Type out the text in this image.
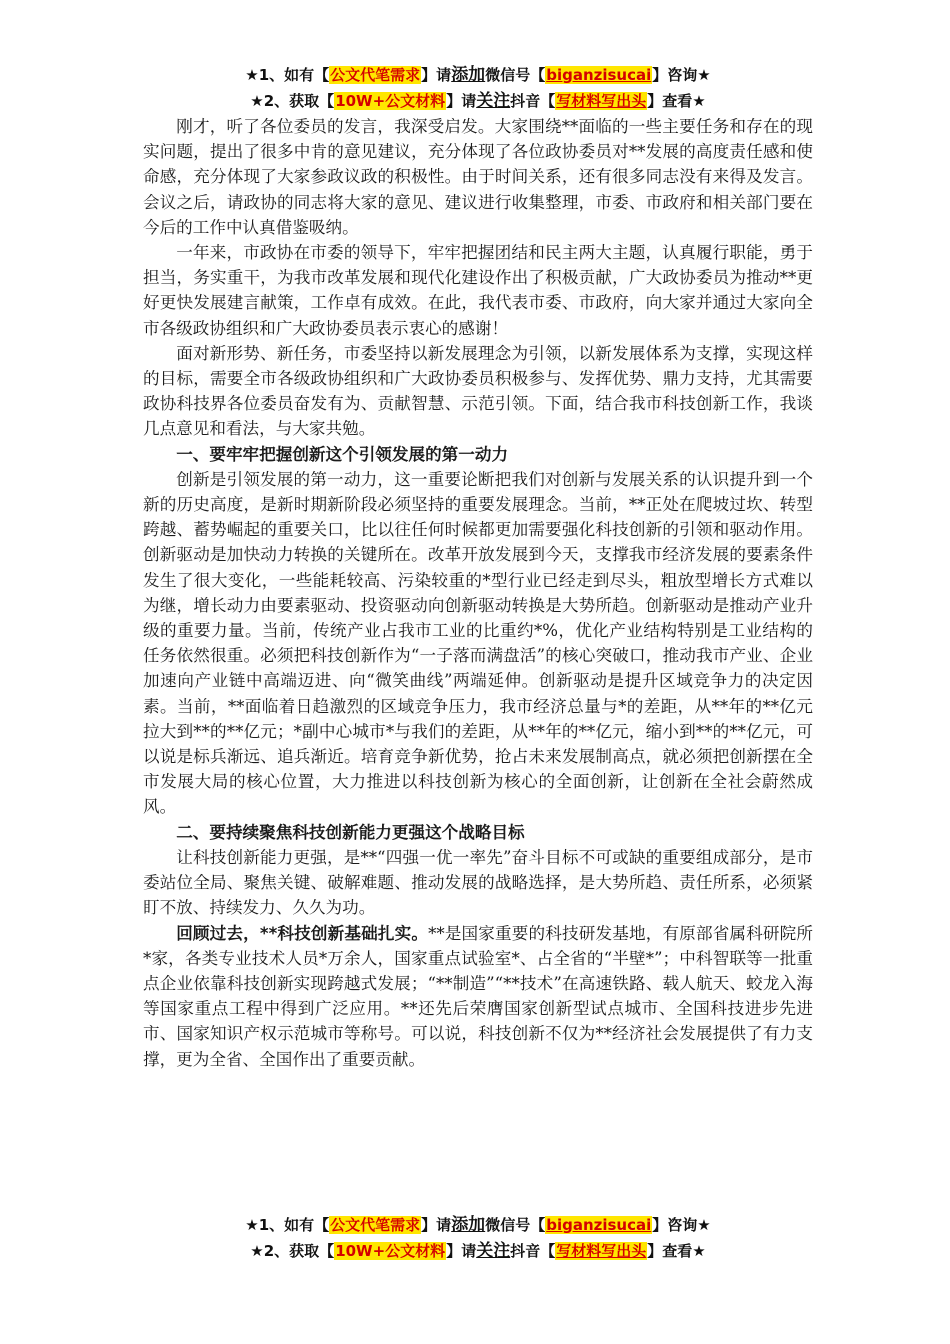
★1、如有【公文代笔需求】请添加微信号【biganzisucai】咨询★
★2、获取【10W+公文材料】请关注抖音【写材料写出头】查看★

刚才，听了各位委员的发言，我深受启发。大家围绕**面临的一些主要任务和存在的现实问题，提出了很多中肯的意见建议，充分体现了各位政协委员对**发展的高度责任感和使命感，充分体现了大家参政议政的积极性。由于时间关系，还有很多同志没有来得及发言。会议之后，请政协的同志将大家的意见、建议进行收集整理，市委、市政府和相关部门要在今后的工作中认真借鉴吸纳。

一年来，市政协在市委的领导下，牢牢把握团结和民主两大主题，认真履行职能，勇于担当，务实重干，为我市改革发展和现代化建设作出了积极贡献，广大政协委员为推动**更好更快发展建言献策，工作卓有成效。在此，我代表市委、市政府，向大家并通过大家向全市各级政协组织和广大政协委员表示衷心的感谢！

面对新形势、新任务，市委坚持以新发展理念为引领，以新发展体系为支撑，实现这样的目标，需要全市各级政协组织和广大政协委员积极参与、发挥优势、鼎力支持，尤其需要政协科技界各位委员奋发有为、贡献智慧、示范引领。下面，结合我市科技创新工作，我谈几点意见和看法，与大家共勉。

一、要牢牢把握创新这个引领发展的第一动力

创新是引领发展的第一动力，这一重要论断把我们对创新与发展关系的认识提升到一个新的历史高度，是新时期新阶段必须坚持的重要发展理念。当前，**正处在爬坡过坎、转型跨越、蓄势崛起的重要关口，比以往任何时候都更加需要强化科技创新的引领和驱动作用。创新驱动是加快动力转换的关键所在。改革开放发展到今天，支撑我市经济发展的要素条件发生了很大变化，一些能耗较高、污染较重的*型行业已经走到尽头，粗放型增长方式难以为继，增长动力由要素驱动、投资驱动向创新驱动转换是大势所趋。创新驱动是推动产业升级的重要力量。当前，传统产业占我市工业的比重约*%，优化产业结构特别是工业结构的任务依然很重。必须把科技创新作为“一子落而满盘活”的核心突破口，推动我市产业、企业加速向产业链中高端迈进、向“微笑曲线”两端延伸。创新驱动是提升区域竞争力的决定因素。当前，**面临着日趋激烈的区域竞争压力，我市经济总量与*的差距，从**年的**亿元拉大到**的**亿元；*副中心城市*与我们的差距，从**年的**亿元，缩小到**的**亿元，可以说是标兵渐远、追兵渐近。培育竞争新优势，抢占未来发展制高点，就必须把创新摆在全市发展大局的核心位置，大力推进以科技创新为核心的全面创新，让创新在全社会蔚然成风。

二、要持续聚焦科技创新能力更强这个战略目标

让科技创新能力更强，是**“四强一优一率先”奋斗目标不可或缺的重要组成部分，是市委站位全局、聚焦关键、破解难题、推动发展的战略选择，是大势所趋、责任所系，必须紧盯不放、持续发力、久久为功。

回顾过去，**科技创新基础扎实。**是国家重要的科技研发基地，有原部省属科研院所*家，各类专业技术人员*万余人，国家重点试验室*、占全省的“半壁*”；中科智联等一批重点企业依靠科技创新实现跨越式发展；“**制造”“**技术”在高速铁路、载人航天、蛟龙入海等国家重点工程中得到广泛应用。**还先后荣膺国家创新型试点城市、全国科技进步先进市、国家知识产权示范城市等称号。可以说，科技创新不仅为**经济社会发展提供了有力支撑，更为全省、全国作出了重要贡献。

★1、如有【公文代笔需求】请添加微信号【biganzisucai】咨询★
★2、获取【10W+公文材料】请关注抖音【写材料写出头】查看★
